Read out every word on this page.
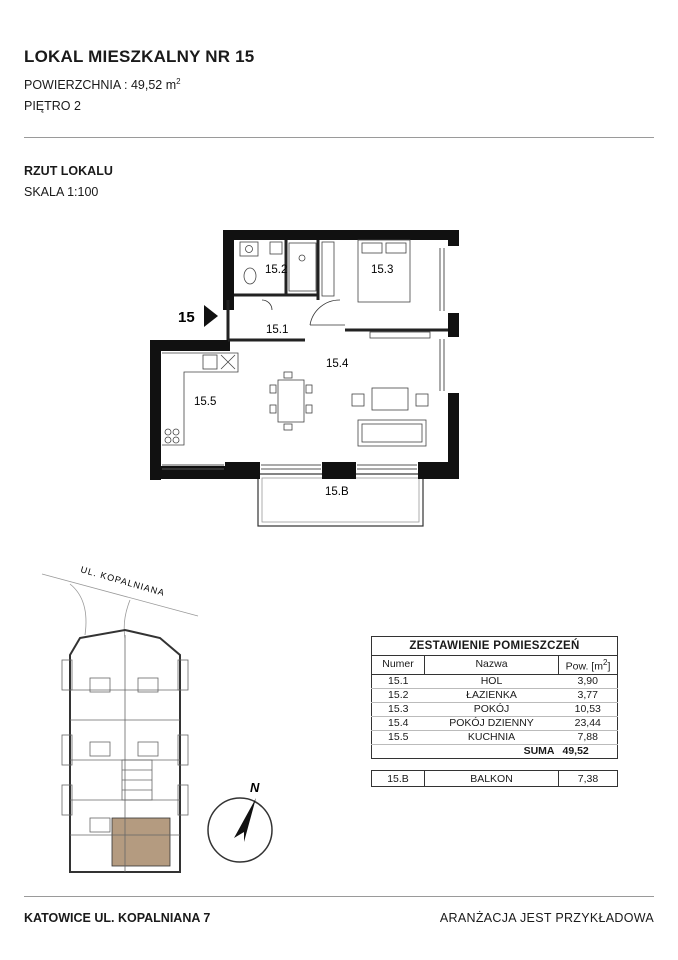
LOKAL MIESZKALNY NR 15
POWIERZCHNIA : 49,52 $m^2$
PIĘTRO 2
RZUT LOKALU
SKALA 1:100
15
15.2	15.3
15.1
15.4
15.5
15.B
UL. KOPALNIANA
N
ZESTAWIENIE POMIESZCZEŃ		
Numer	Nazwa	Pow. $[m^2]$
15.1	HOL	3,90
15.2	ŁAZIENKA	3,77
15.3	POKÓJ	10,53
15.4	POKÓJ DZIENNY	23,44
15.5	KUCHNIA	7,88
	SUMA	49,52
15.B	BALKON	7,38
KATOWICE UL. KOPALNIANA 7	ARANŻACJA JEST PRZYKŁADOWA
